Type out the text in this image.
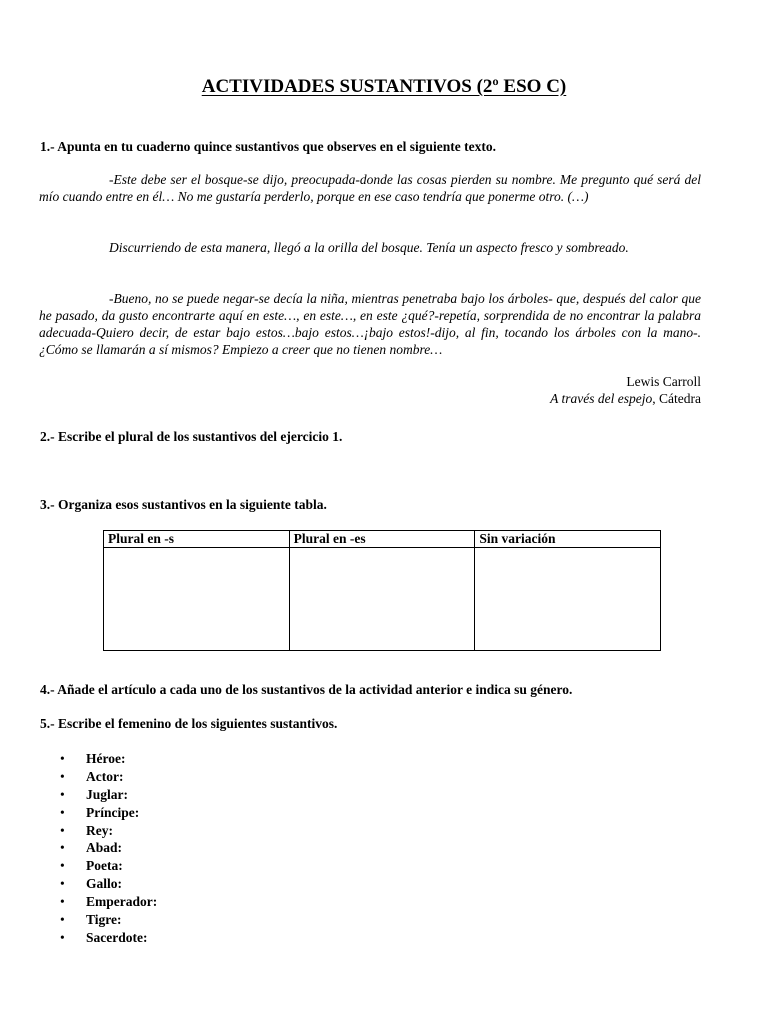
ACTIVIDADES SUSTANTIVOS (2º ESO C)
1.- Apunta en tu cuaderno quince sustantivos que observes en el siguiente texto.

-Este debe ser el bosque-se dijo, preocupada-donde las cosas pierden su nombre. Me pregunto qué será del mío cuando entre en él… No me gustaría perderlo, porque en ese caso tendría que ponerme otro. (…)

Discurriendo de esta manera, llegó a la orilla del bosque. Tenía un aspecto fresco y sombreado.

-Bueno, no se puede negar-se decía la niña, mientras penetraba bajo los árboles- que, después del calor que he pasado, da gusto encontrarte aquí en este…, en este…, en este ¿qué?-repetía, sorprendida de no encontrar la palabra adecuada-Quiero decir, de estar bajo estos…bajo estos…¡bajo estos!-dijo, al fin, tocando los árboles con la mano-. ¿Cómo se llamarán a sí mismos? Empiezo a creer que no tienen nombre…

Lewis Carroll
A través del espejo, Cátedra
2.- Escribe el plural de los sustantivos del ejercicio 1.
3.- Organiza esos sustantivos en la siguiente tabla.
Plural en -s	Plural en -es	Sin variación

4.- Añade el artículo a cada uno de los sustantivos de la actividad anterior e indica su género.
5.- Escribe el femenino de los siguientes sustantivos.
• Héroe:
• Actor:
• Juglar:
• Príncipe:
• Rey:
• Abad:
• Poeta:
• Gallo:
• Emperador:
• Tigre:
• Sacerdote:
